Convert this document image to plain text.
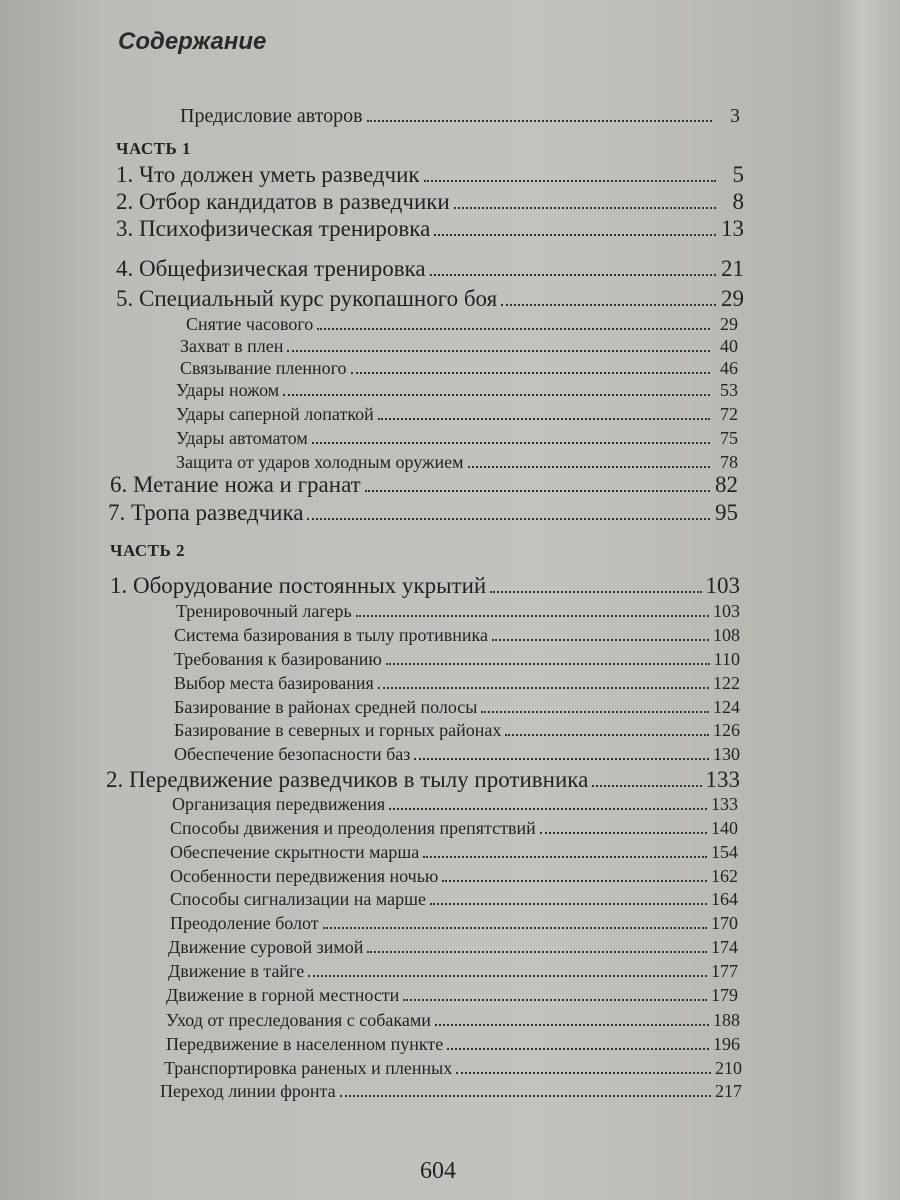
Содержание
Предисловие авторов	3
ЧАСТЬ 1
1. Что должен уметь разведчик	5
2. Отбор кандидатов в разведчики	8
3. Психофизическая тренировка	13
4. Общефизическая тренировка	21
5. Специальный курс рукопашного боя	29
Снятие часового	29
Захват в плен	40
Связывание пленного	46
Удары ножом	53
Удары саперной лопаткой	72
Удары автоматом	75
Защита от ударов холодным оружием	78
6. Метание ножа и гранат	82
7. Тропа разведчика	95
ЧАСТЬ 2
1. Оборудование постоянных укрытий	103
Тренировочный лагерь	103
Система базирования в тылу противника	108
Требования к базированию	110
Выбор места базирования	122
Базирование в районах средней полосы	124
Базирование в северных и горных районах	126
Обеспечение безопасности баз	130
2. Передвижение разведчиков в тылу противника	133
Организация передвижения	133
Способы движения и преодоления препятствий	140
Обеспечение скрытности марша	154
Особенности передвижения ночью	162
Способы сигнализации на марше	164
Преодоление болот	170
Движение суровой зимой	174
Движение в тайге	177
Движение в горной местности	179
Уход от преследования с собаками	188
Передвижение в населенном пункте	196
Транспортировка раненых и пленных	210
Переход линии фронта	217
604
